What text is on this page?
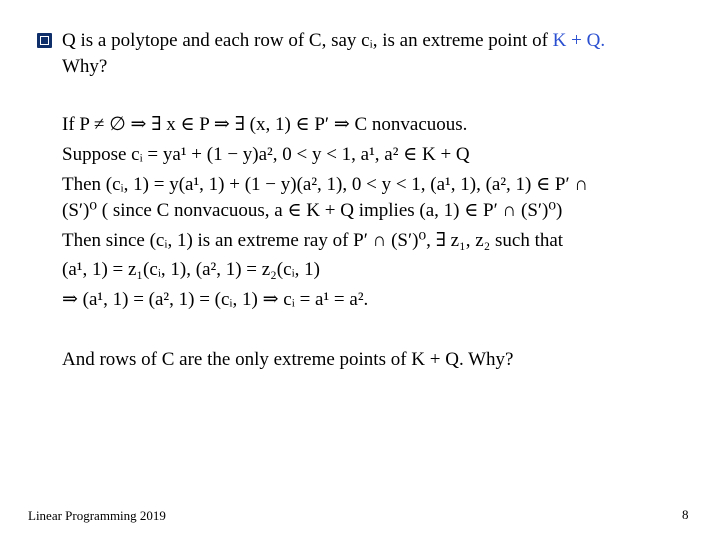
Q is a polytope and each row of C, say cᵢ, is an extreme point of K + Q.
Why?
If P ≠ ∅ ⇒ ∃ x ∈ P ⇒ ∃ (x, 1) ∈ P′ ⇒ C nonvacuous.
Suppose cᵢ = ya¹ + (1 − y)a², 0 < y < 1, a¹, a² ∈ K + Q
Then (cᵢ, 1) = y(a¹, 1) + (1 − y)(a², 1), 0 < y < 1, (a¹, 1), (a², 1) ∈ P′ ∩
(S′)⁰ ( since C nonvacuous, a ∈ K + Q implies (a, 1) ∈ P′ ∩ (S′)⁰)
Then since (cᵢ, 1) is an extreme ray of P′ ∩ (S′)⁰, ∃ z₁, z₂ such that
(a¹, 1) = z₁(cᵢ, 1), (a², 1) = z₂(cᵢ, 1)
⇒ (a¹, 1) = (a², 1) = (cᵢ, 1) ⇒ cᵢ = a¹ = a².
And rows of C are the only extreme points of K + Q. Why?
Linear Programming 2019	8
